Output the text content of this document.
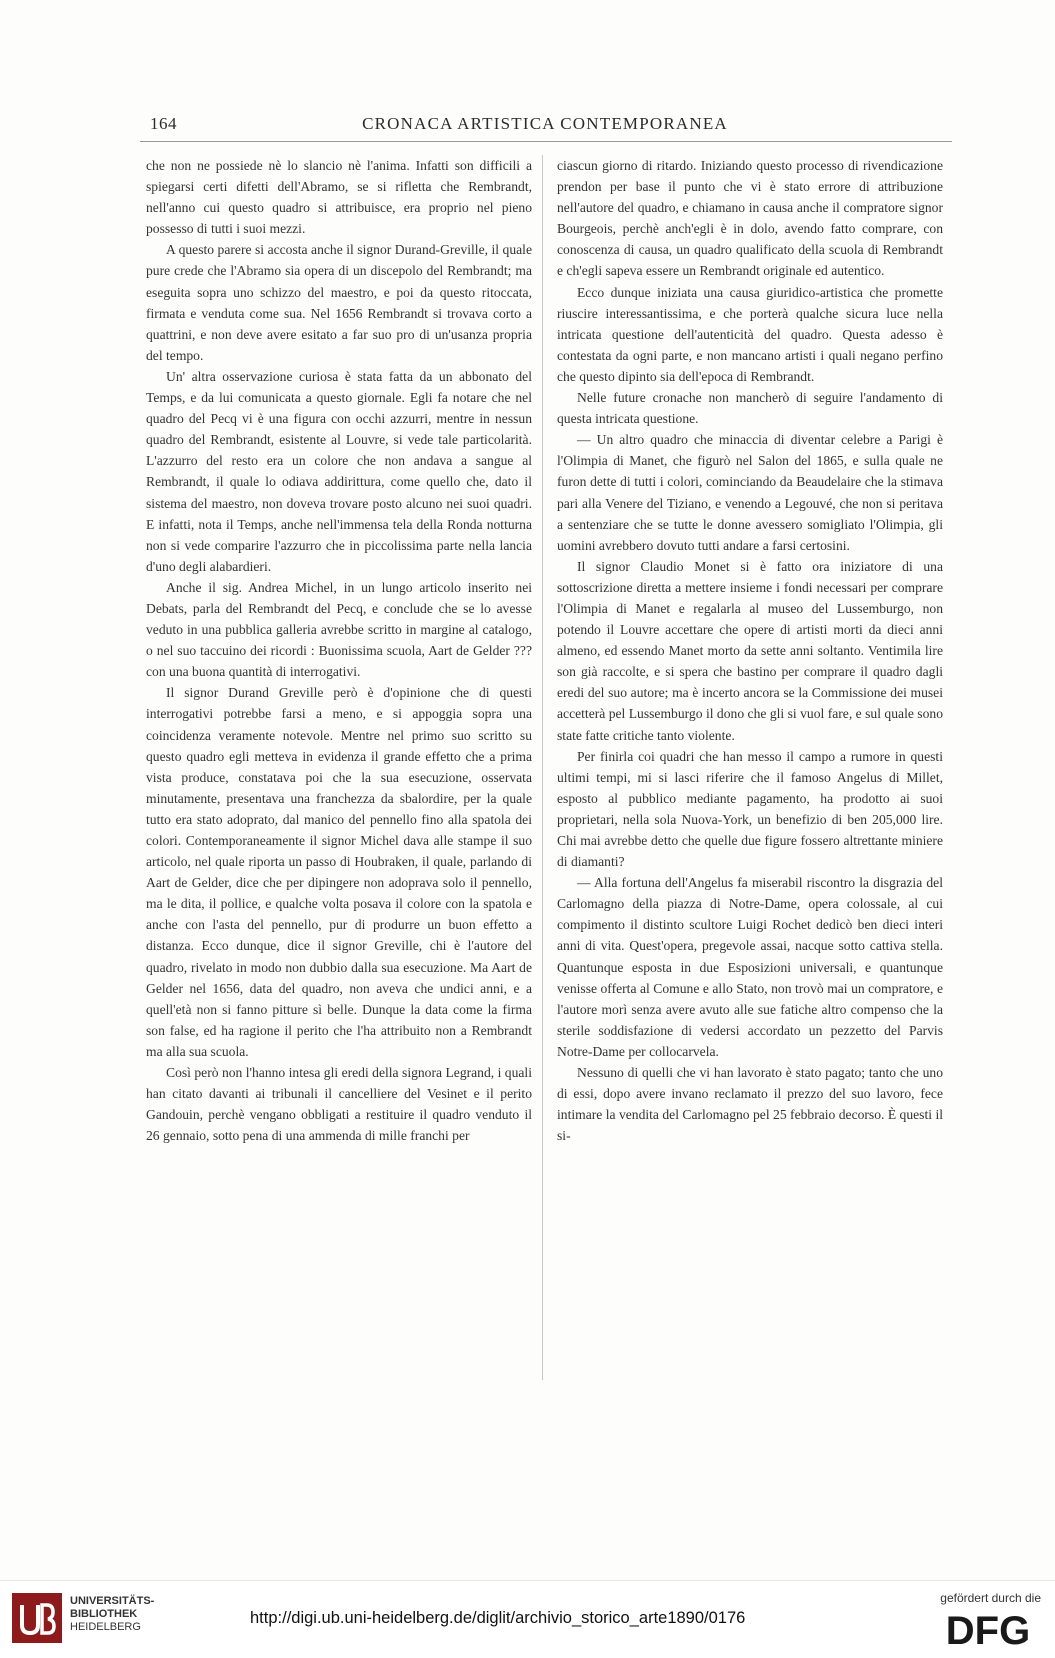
164	CRONACA ARTISTICA CONTEMPORANEA

che non ne possiede nè lo slancio nè l'anima. Infatti son difficili a spiegarsi certi difetti dell'Abramo, se si rifletta che Rembrandt, nell'anno cui questo quadro si attribuisce, era proprio nel pieno possesso di tutti i suoi mezzi.

A questo parere si accosta anche il signor Durand-Greville, il quale pure crede che l'Abramo sia opera di un discepolo del Rembrandt; ma eseguita sopra uno schizzo del maestro, e poi da questo ritoccata, firmata e venduta come sua. Nel 1656 Rembrandt si trovava corto a quattrini, e non deve avere esitato a far suo pro di un'usanza propria del tempo.

Un' altra osservazione curiosa è stata fatta da un abbonato del Temps, e da lui comunicata a questo giornale. Egli fa notare che nel quadro del Pecq vi è una figura con occhi azzurri, mentre in nessun quadro del Rembrandt, esistente al Louvre, si vede tale particolarità. L'azzurro del resto era un colore che non andava a sangue al Rembrandt, il quale lo odiava addirittura, come quello che, dato il sistema del maestro, non doveva trovare posto alcuno nei suoi quadri. E infatti, nota il Temps, anche nell'immensa tela della Ronda notturna non si vede comparire l'azzurro che in piccolissima parte nella lancia d'uno degli alabardieri.

Anche il sig. Andrea Michel, in un lungo articolo inserito nei Debats, parla del Rembrandt del Pecq, e conclude che se lo avesse veduto in una pubblica galleria avrebbe scritto in margine al catalogo, o nel suo taccuino dei ricordi : Buonissima scuola, Aart de Gelder ??? con una buona quantità di interrogativi.

Il signor Durand Greville però è d'opinione che di questi interrogativi potrebbe farsi a meno, e si appoggia sopra una coincidenza veramente notevole. Mentre nel primo suo scritto su questo quadro egli metteva in evidenza il grande effetto che a prima vista produce, constatava poi che la sua esecuzione, osservata minutamente, presentava una franchezza da sbalordire, per la quale tutto era stato adoprato, dal manico del pennello fino alla spatola dei colori. Contemporaneamente il signor Michel dava alle stampe il suo articolo, nel quale riporta un passo di Houbraken, il quale, parlando di Aart de Gelder, dice che per dipingere non adoprava solo il pennello, ma le dita, il pollice, e qualche volta posava il colore con la spatola e anche con l'asta del pennello, pur di produrre un buon effetto a distanza. Ecco dunque, dice il signor Greville, chi è l'autore del quadro, rivelato in modo non dubbio dalla sua esecuzione. Ma Aart de Gelder nel 1656, data del quadro, non aveva che undici anni, e a quell'età non si fanno pitture sì belle. Dunque la data come la firma son false, ed ha ragione il perito che l'ha attribuito non a Rembrandt ma alla sua scuola.

Così però non l'hanno intesa gli eredi della signora Legrand, i quali han citato davanti ai tribunali il cancelliere del Vesinet e il perito Gandouin, perchè vengano obbligati a restituire il quadro venduto il 26 gennaio, sotto pena di una ammenda di mille franchi per

ciascun giorno di ritardo. Iniziando questo processo di rivendicazione prendon per base il punto che vi è stato errore di attribuzione nell'autore del quadro, e chiamano in causa anche il compratore signor Bourgeois, perchè anch'egli è in dolo, avendo fatto comprare, con conoscenza di causa, un quadro qualificato della scuola di Rembrandt e ch'egli sapeva essere un Rembrandt originale ed autentico.

Ecco dunque iniziata una causa giuridico-artistica che promette riuscire interessantissima, e che porterà qualche sicura luce nella intricata questione dell'autenticità del quadro. Questa adesso è contestata da ogni parte, e non mancano artisti i quali negano perfino che questo dipinto sia dell'epoca di Rembrandt.

Nelle future cronache non mancherò di seguire l'andamento di questa intricata questione.

— Un altro quadro che minaccia di diventar celebre a Parigi è l'Olimpia di Manet, che figurò nel Salon del 1865, e sulla quale ne furon dette di tutti i colori, cominciando da Beaudelaire che la stimava pari alla Venere del Tiziano, e venendo a Legouvé, che non si peritava a sentenziare che se tutte le donne avessero somigliato l'Olimpia, gli uomini avrebbero dovuto tutti andare a farsi certosini.

Il signor Claudio Monet si è fatto ora iniziatore di una sottoscrizione diretta a mettere insieme i fondi necessari per comprare l'Olimpia di Manet e regalarla al museo del Lussemburgo, non potendo il Louvre accettare che opere di artisti morti da dieci anni almeno, ed essendo Manet morto da sette anni soltanto. Ventimila lire son già raccolte, e si spera che bastino per comprare il quadro dagli eredi del suo autore; ma è incerto ancora se la Commissione dei musei accetterà pel Lussemburgo il dono che gli si vuol fare, e sul quale sono state fatte critiche tanto violente.

Per finirla coi quadri che han messo il campo a rumore in questi ultimi tempi, mi si lasci riferire che il famoso Angelus di Millet, esposto al pubblico mediante pagamento, ha prodotto ai suoi proprietari, nella sola Nuova-York, un benefizio di ben 205,000 lire. Chi mai avrebbe detto che quelle due figure fossero altrettante miniere di diamanti?

— Alla fortuna dell'Angelus fa miserabil riscontro la disgrazia del Carlomagno della piazza di Notre-Dame, opera colossale, al cui compimento il distinto scultore Luigi Rochet dedicò ben dieci interi anni di vita. Quest'opera, pregevole assai, nacque sotto cattiva stella. Quantunque esposta in due Esposizioni universali, e quantunque venisse offerta al Comune e allo Stato, non trovò mai un compratore, e l'autore morì senza avere avuto alle sue fatiche altro compenso che la sterile soddisfazione di vedersi accordato un pezzetto del Parvis Notre-Dame per collocarvela.

Nessuno di quelli che vi han lavorato è stato pagato; tanto che uno di essi, dopo avere invano reclamato il prezzo del suo lavoro, fece intimare la vendita del Carlomagno pel 25 febbraio decorso. È questi il si-

UNIVERSITÄTS-
BIBLIOTHEK
HEIDELBERG	http://digi.ub.uni-heidelberg.de/diglit/archivio_storico_arte1890/0176
gefördert durch die
DFG
